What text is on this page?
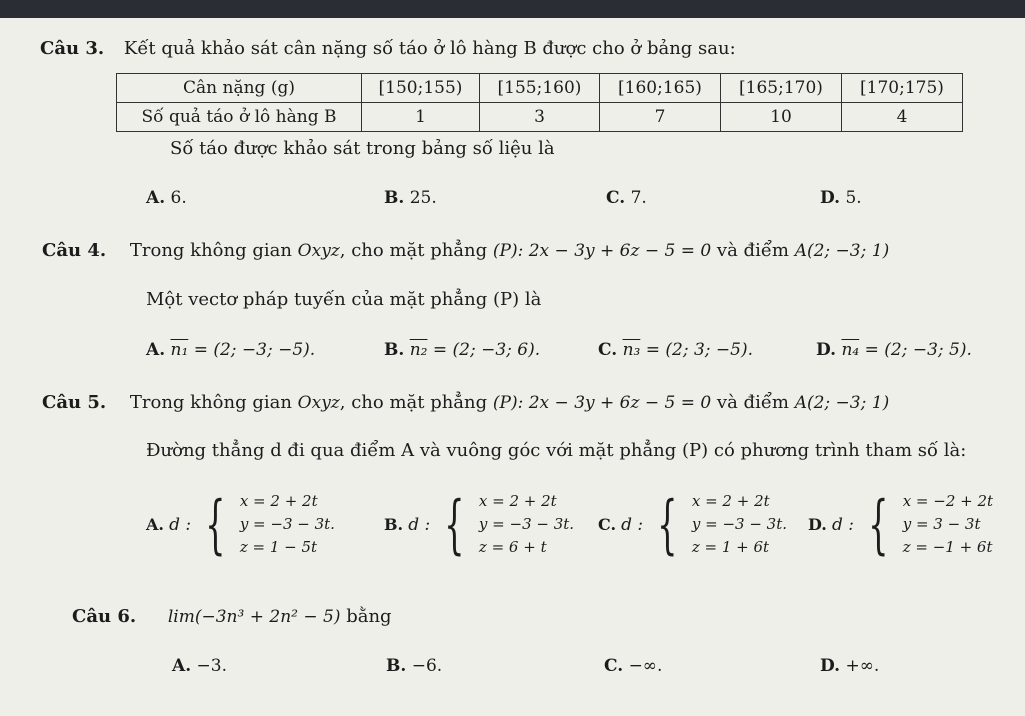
Câu 3. Kết quả khảo sát cân nặng số táo ở lô hàng B được cho ở bảng sau:
Cân nặng (g)	[150;155)	[155;160)	[160;165)	[165;170)	[170;175)
Số quả táo ở lô hàng B	1	3	7	10	4
Số táo được khảo sát trong bảng số liệu là
A. 6.	B. 25.	C. 7.	D. 5.
Câu 4. Trong không gian Oxyz, cho mặt phẳng (P): 2x − 3y + 6z − 5 = 0 và điểm A(2; −3; 1)
Một vectơ pháp tuyến của mặt phẳng (P) là
A. n₁ = (2; −3; −5).	B. n₂ = (2; −3; 6).	C. n₃ = (2; 3; −5).	D. n₄ = (2; −3; 5).
Câu 5. Trong không gian Oxyz, cho mặt phẳng (P): 2x − 3y + 6z − 5 = 0 và điểm A(2; −3; 1)
Đường thẳng d đi qua điểm A và vuông góc với mặt phẳng (P) có phương trình tham số là:
A.
d : { x = 2 + 2t
y = −3 − 3t.
z = 1 − 5t
B.
d : { x = 2 + 2t
y = −3 − 3t.
z = 6 + t
C.
d : { x = 2 + 2t
y = −3 − 3t.
z = 1 + 6t
D.
d : { x = −2 + 2t
y = 3 − 3t
z = −1 + 6t
Câu 6. lim(−3n³ + 2n² − 5) bằng
A. −3.	B. −6.	C. −∞.	D. +∞.
